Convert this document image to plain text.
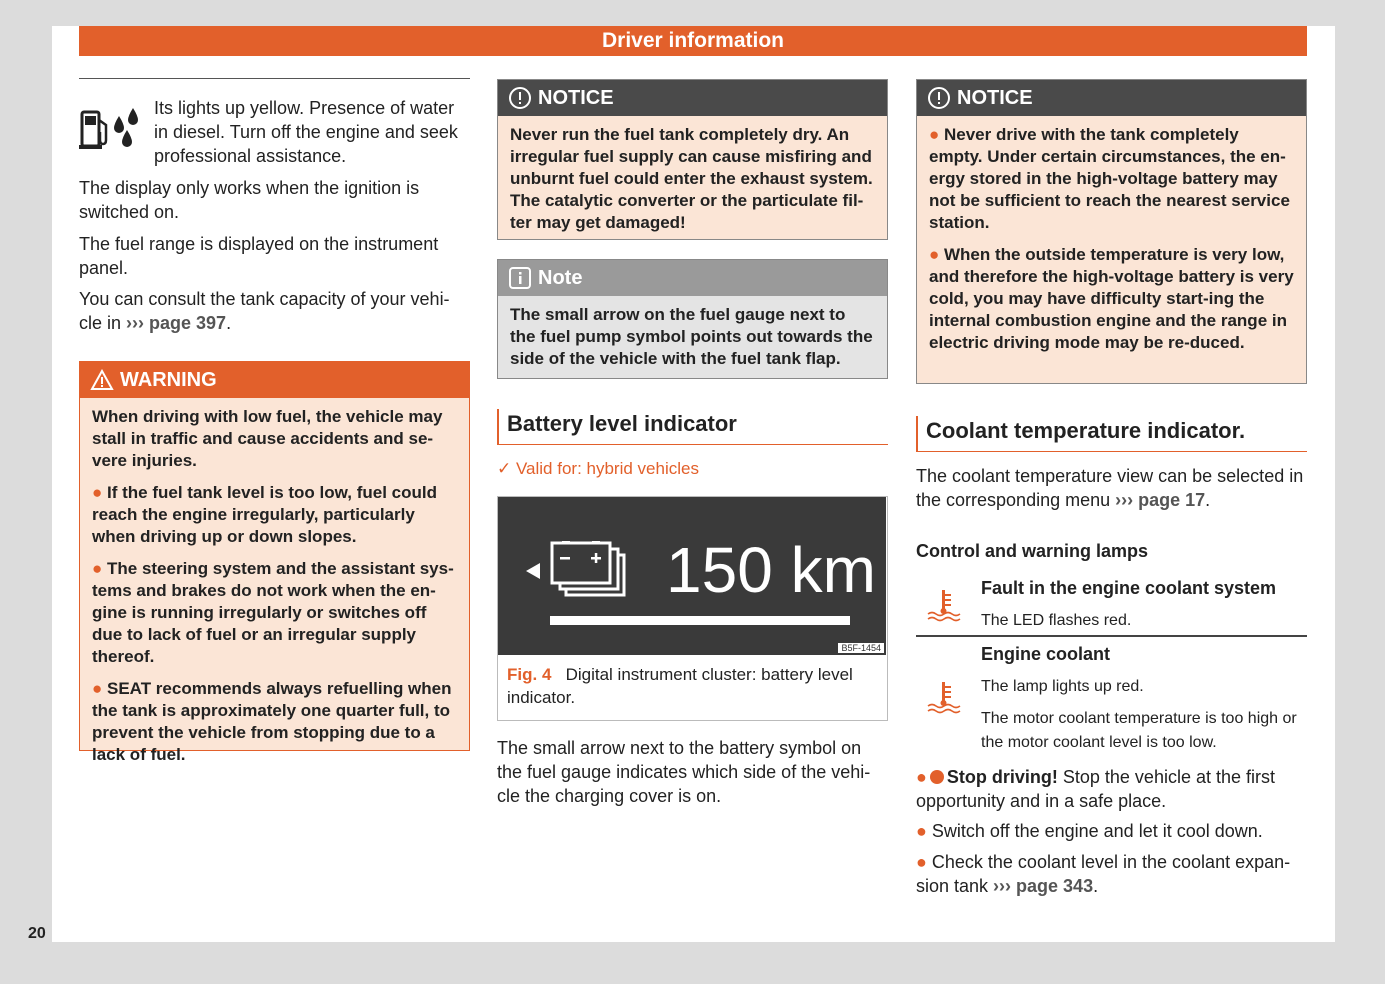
Driver information

Its lights up yellow. Presence of water in diesel. Turn off the engine and seek professional assistance.

The display only works when the ignition is switched on.

The fuel range is displayed on the instrument panel.

You can consult the tank capacity of your vehi-cle in ››› page 397.

WARNING
When driving with low fuel, the vehicle may stall in traffic and cause accidents and se-vere injuries.
● If the fuel tank level is too low, fuel could reach the engine irregularly, particularly when driving up or down slopes.
● The steering system and the assistant sys-tems and brakes do not work when the en-gine is running irregularly or switches off due to lack of fuel or an irregular supply thereof.
● SEAT recommends always refuelling when the tank is approximately one quarter full, to prevent the vehicle from stopping due to a lack of fuel.
NOTICE
Never run the fuel tank completely dry. An irregular fuel supply can cause misfiring and unburnt fuel could enter the exhaust system. The catalytic converter or the particulate fil-ter may get damaged!
Note
The small arrow on the fuel gauge next to the fuel pump symbol points out towards the side of the vehicle with the fuel tank flap.
Battery level indicator
✓ Valid for: hybrid vehicles
150 km
B5F-1454
Fig. 4 Digital instrument cluster: battery level indicator.

The small arrow next to the battery symbol on the fuel gauge indicates which side of the vehi-cle the charging cover is on.

NOTICE
● Never drive with the tank completely empty. Under certain circumstances, the en-ergy stored in the high-voltage battery may not be sufficient to reach the nearest service station.
● When the outside temperature is very low, and therefore the high-voltage battery is very cold, you may have difficulty start-ing the internal combustion engine and the range in electric driving mode may be re-duced.
Coolant temperature indicator.

The coolant temperature view can be selected in the corresponding menu ››› page 17.

Control and warning lamps
Fault in the engine coolant system
The LED flashes red.
Engine coolant
The lamp lights up red.
The motor coolant temperature is too high or the motor coolant level is too low.

●STOP Stop driving! Stop the vehicle at the first opportunity and in a safe place.

● Switch off the engine and let it cool down.

● Check the coolant level in the coolant expan-sion tank ››› page 343.

20
